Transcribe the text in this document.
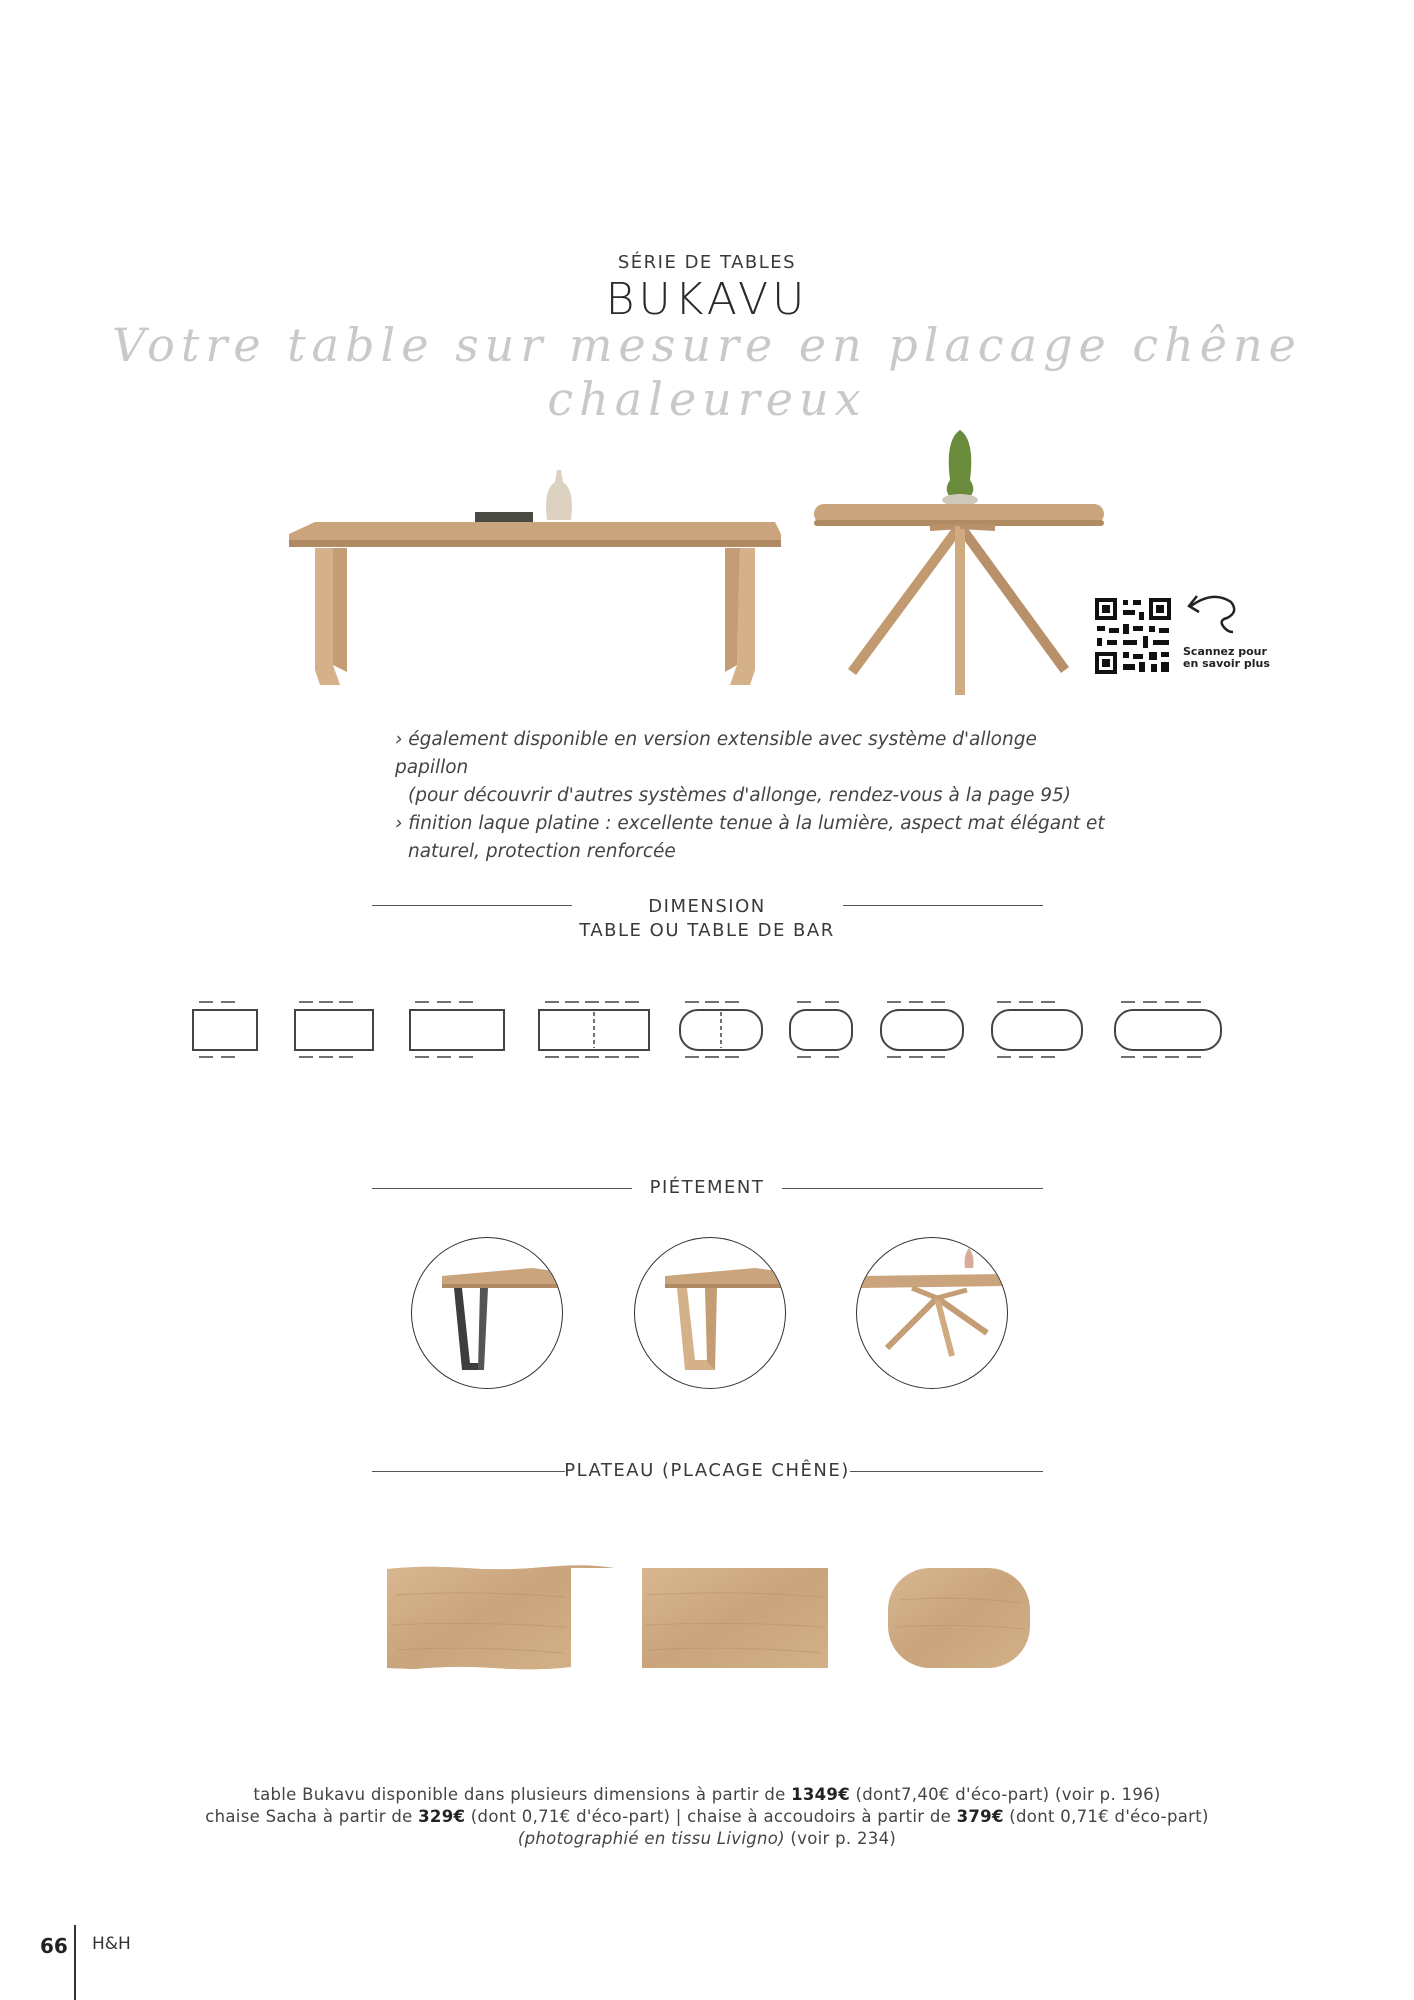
SÉRIE DE TABLES
BUKAVU
Votre table sur mesure en placage chêne chaleureux
Scannez pour
en savoir plus

› également disponible en version extensible avec système d'allonge papillon

(pour découvrir d'autres systèmes d'allonge, rendez-vous à la page 95)

› finition laque platine : excellente tenue à la lumière, aspect mat élégant et

naturel, protection renforcée

DIMENSION
TABLE OU TABLE DE BAR
PIÉTEMENT
PLATEAU (PLACAGE CHÊNE)
table Bukavu disponible dans plusieurs dimensions à partir de 1349€ (dont7,40€ d'éco-part) (voir p. 196)
chaise Sacha à partir de 329€ (dont 0,71€ d'éco-part) | chaise à accoudoirs à partir de 379€ (dont 0,71€ d'éco-part)
(photographié en tissu Livigno) (voir p. 234)
66 H&H
